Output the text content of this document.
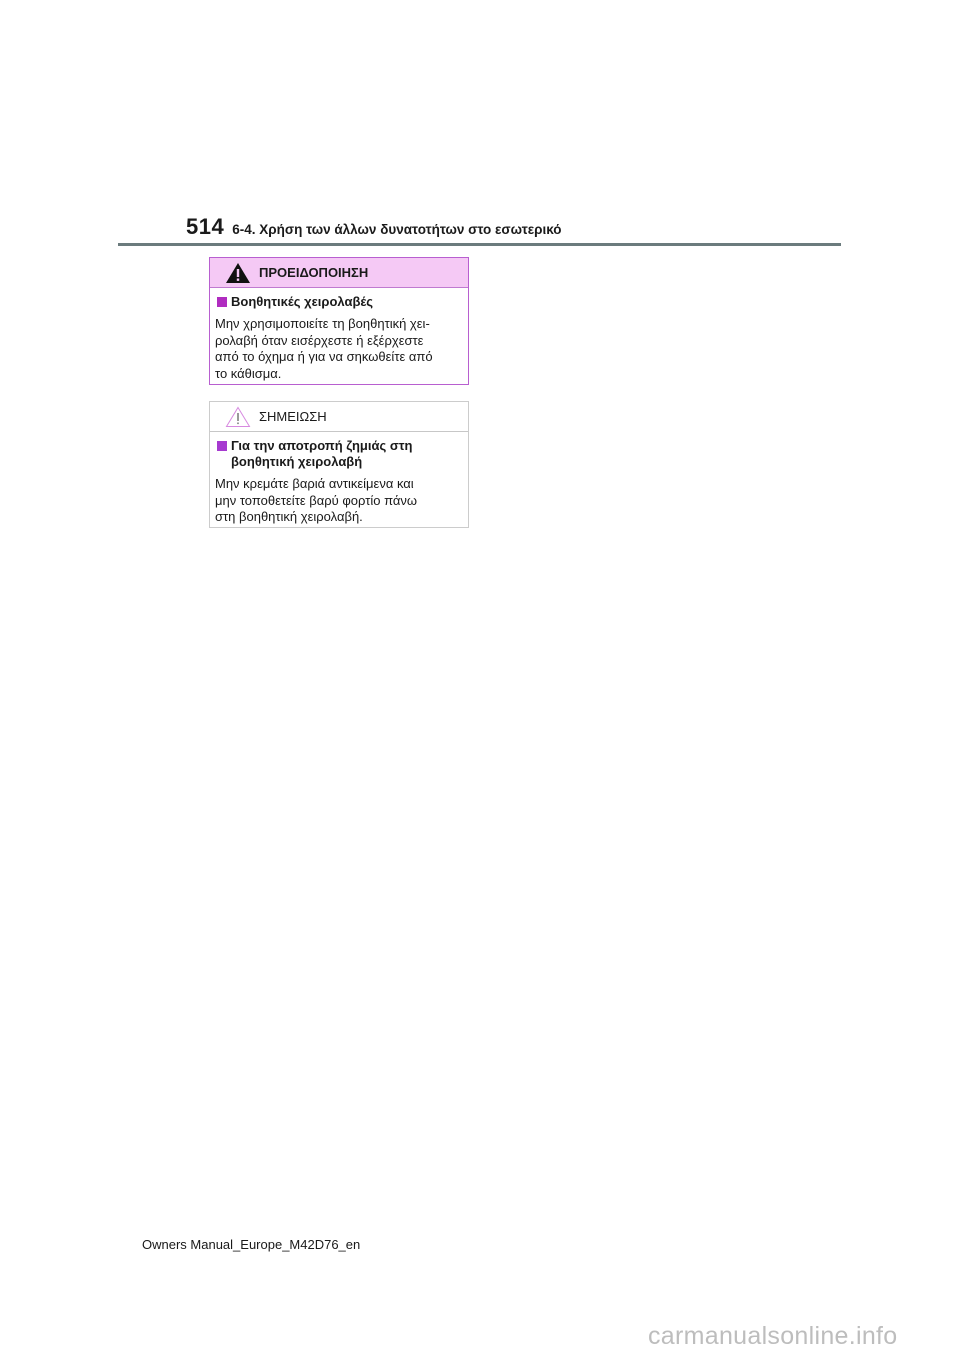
514 6-4. Χρήση των άλλων δυνατοτήτων στο εσωτερικό
ΠΡΟΕΙΔΟΠΟΙΗΣΗ
Βοηθητικές χειρολαβές
Μην χρησιμοποιείτε τη βοηθητική χει-
ρολαβή όταν εισέρχεστε ή εξέρχεστε
από το όχημα ή για να σηκωθείτε από
το κάθισμα.
ΣΗΜΕΙΩΣΗ
Για την αποτροπή ζημιάς στη
βοηθητική χειρολαβή
Μην κρεμάτε βαριά αντικείμενα και
μην τοποθετείτε βαρύ φορτίο πάνω
στη βοηθητική χειρολαβή.
Owners Manual_Europe_M42D76_en
carmanualsonline.info
